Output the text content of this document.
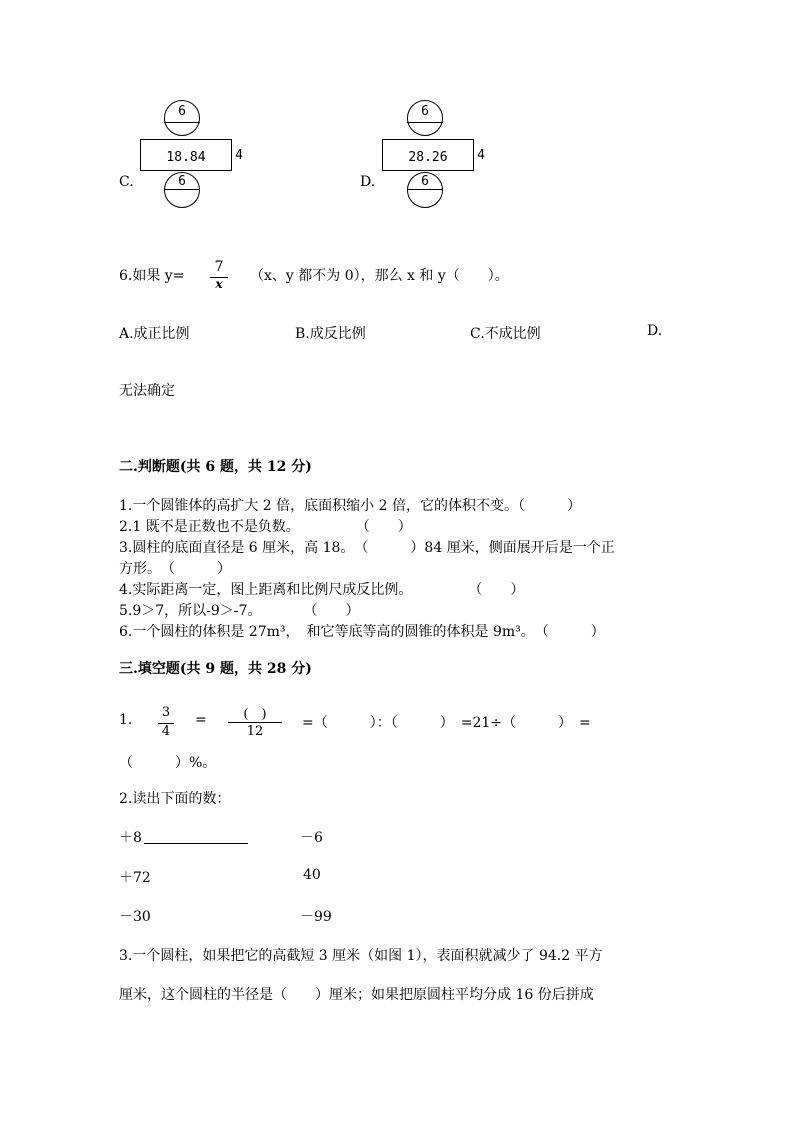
C.
6
18.84	4
6	D.
6
28.26	4
6
6.如果 y=
7
x	（x、y 都不为 0），那么 x 和 y（　　）。
A.成正比例	B.成反比例	C.不成比例	D.
无法确定
二.判断题(共 6 题，共 12 分)
1.一个圆锥体的高扩大 2 倍，底面积缩小 2 倍，它的体积不变。（　　　）
2.1 既不是正数也不是负数。　　　　　（　　）
3.圆柱的底面直径是 6 厘米，高 18。　（　　　）84 厘米，侧面展开后是一个正
方形。　（　　　）
4.实际距离一定，图上距离和比例尺成反比例。　　　　　（　　）
5.9＞7，所以-9＞-7。　　　　（　　）
6.一个圆柱的体积是 27m³，　和它等底等高的圆锥的体积是 9m³。　（　　　）
三.填空题(共 9 题，共 28 分)
1. 3
4
=	(　)
12
=（　　　）：（　　　）　=21÷（　　　）　=
（　　　）%。
2.读出下面的数：
＋8	－6
＋72	40
－30	－99
3.一个圆柱，如果把它的高截短 3 厘米（如图 1），表面积就减少了 94.2 平方
厘米，这个圆柱的半径是（　　）厘米；如果把原圆柱平均分成 16 份后拼成
